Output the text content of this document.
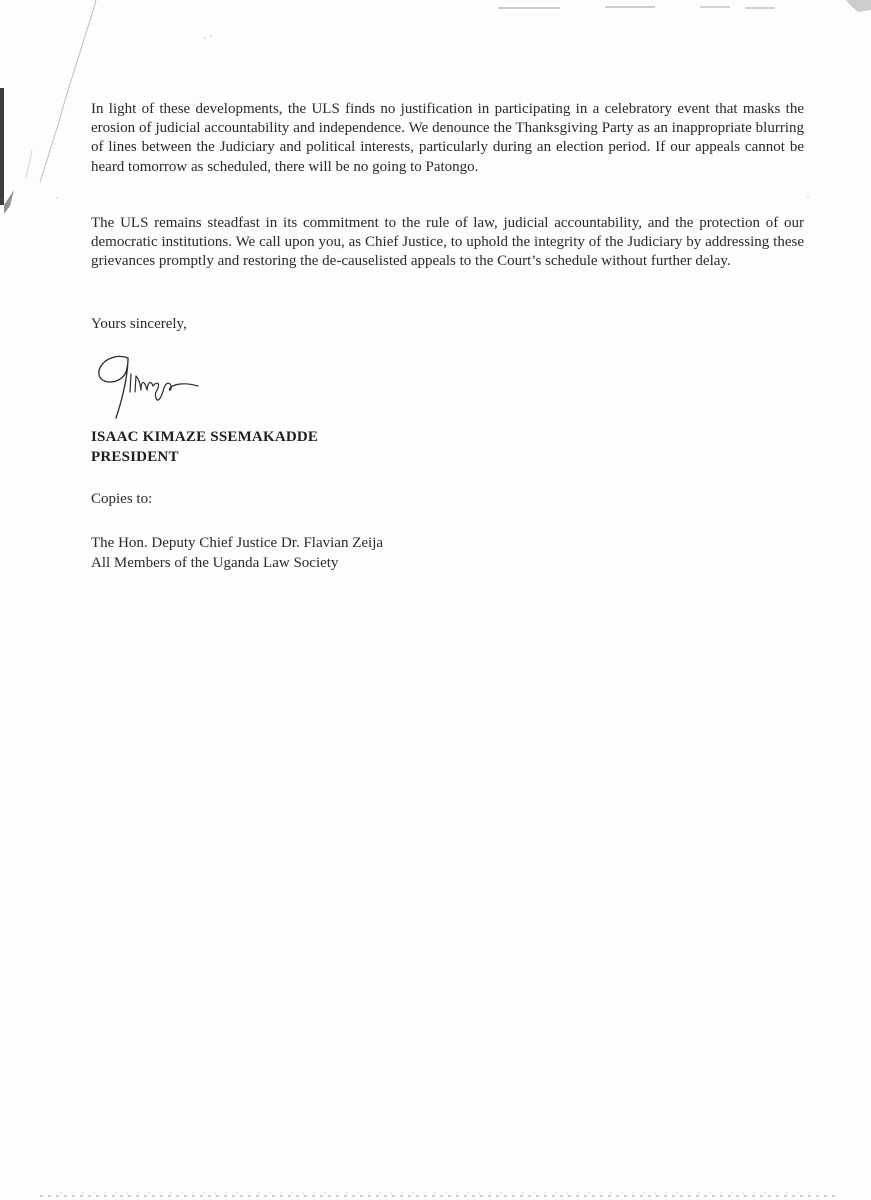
In light of these developments, the ULS finds no justification in participating in a celebratory event that masks the erosion of judicial accountability and independence. We denounce the Thanksgiving Party as an inappropriate blurring of lines between the Judiciary and political interests, particularly during an election period. If our appeals cannot be heard tomorrow as scheduled, there will be no going to Patongo.

The ULS remains steadfast in its commitment to the rule of law, judicial accountability, and the protection of our democratic institutions. We call upon you, as Chief Justice, to uphold the integrity of the Judiciary by addressing these grievances promptly and restoring the de-causelisted appeals to the Court’s schedule without further delay.

Yours sincerely,

ISAAC KIMAZE SSEMAKADDE
PRESIDENT
Copies to:
The Hon. Deputy Chief Justice Dr. Flavian Zeija
All Members of the Uganda Law Society
